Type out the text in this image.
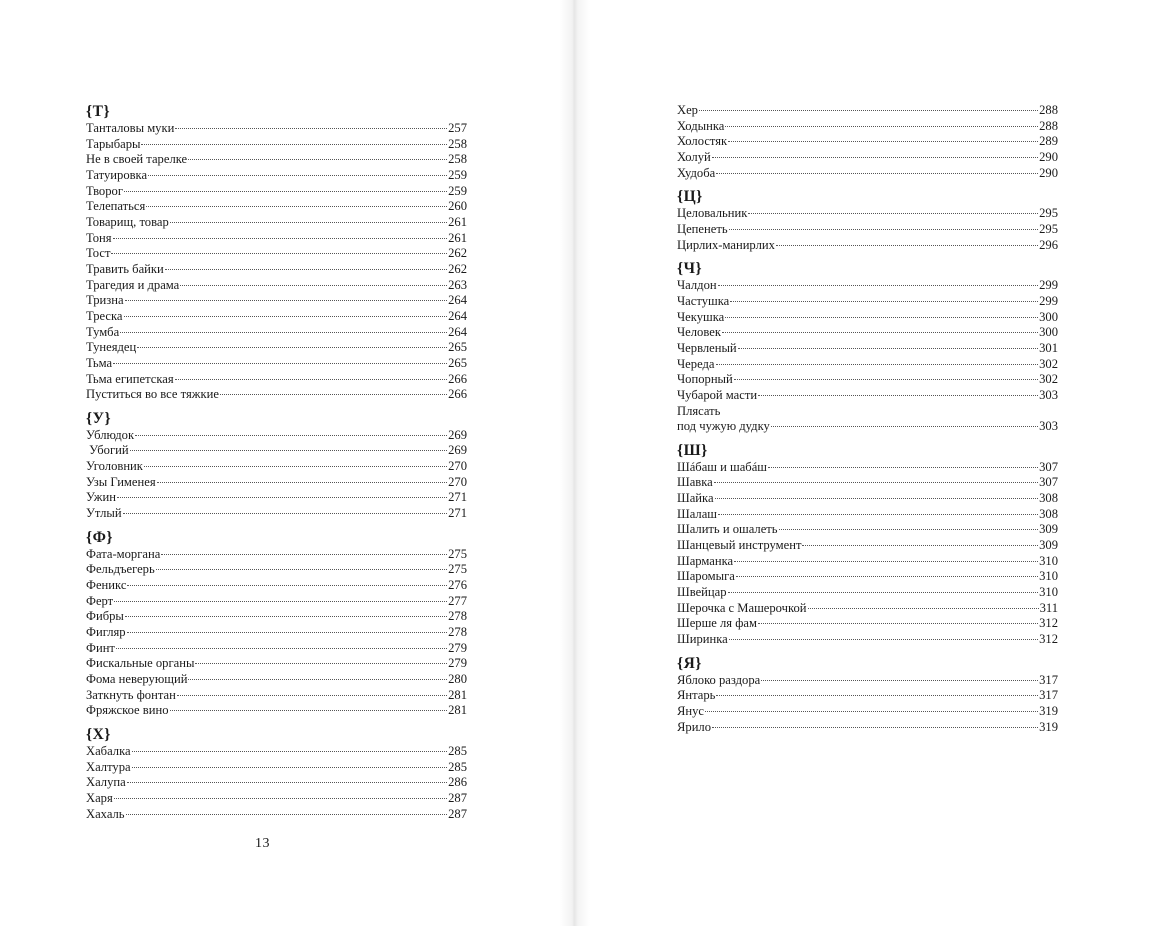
{Т}
Танталовы муки	257
Тарыбары	258
Не в своей тарелке	258
Татуировка	259
Творог	259
Телепаться	260
Товарищ, товар	261
Тоня	261
Тост	262
Травить байки	262
Трагедия и драма	263
Тризна	264
Треска	264
Тумба	264
Тунеядец	265
Тьма	265
Тьма египетская	266
Пуститься во все тяжкие	266
{У}
Ублюдок	269
Убогий	269
Уголовник	270
Узы Гименея	270
Ужин	271
Утлый	271
{Ф}
Фата-моргана	275
Фельдъегерь	275
Феникс	276
Ферт	277
Фибры	278
Фигляр	278
Финт	279
Фискальные органы	279
Фома неверующий	280
Заткнуть фонтан	281
Фряжское вино	281
{Х}
Хабалка	285
Халтура	285
Халупа	286
Харя	287
Хахаль	287
Хер	288
Ходынка	288
Холостяк	289
Холуй	290
Худоба	290
{Ц}
Целовальник	295
Цепенеть	295
Цирлих-манирлих	296
{Ч}
Чалдон	299
Частушка	299
Чекушка	300
Человек	300
Червленый	301
Череда	302
Чопорный	302
Чубарой масти	303
Плясать
под чужую дудку	303
{Ш}
Шáбаш и шабáш	307
Шавка	307
Шайка	308
Шалаш	308
Шалить и ошалеть	309
Шанцевый инструмент	309
Шарманка	310
Шаромыга	310
Швейцар	310
Шерочка с Машерочкой	311
Шерше ля фам	312
Ширинка	312
{Я}
Яблоко раздора	317
Янтарь	317
Янус	319
Ярило	319
13
